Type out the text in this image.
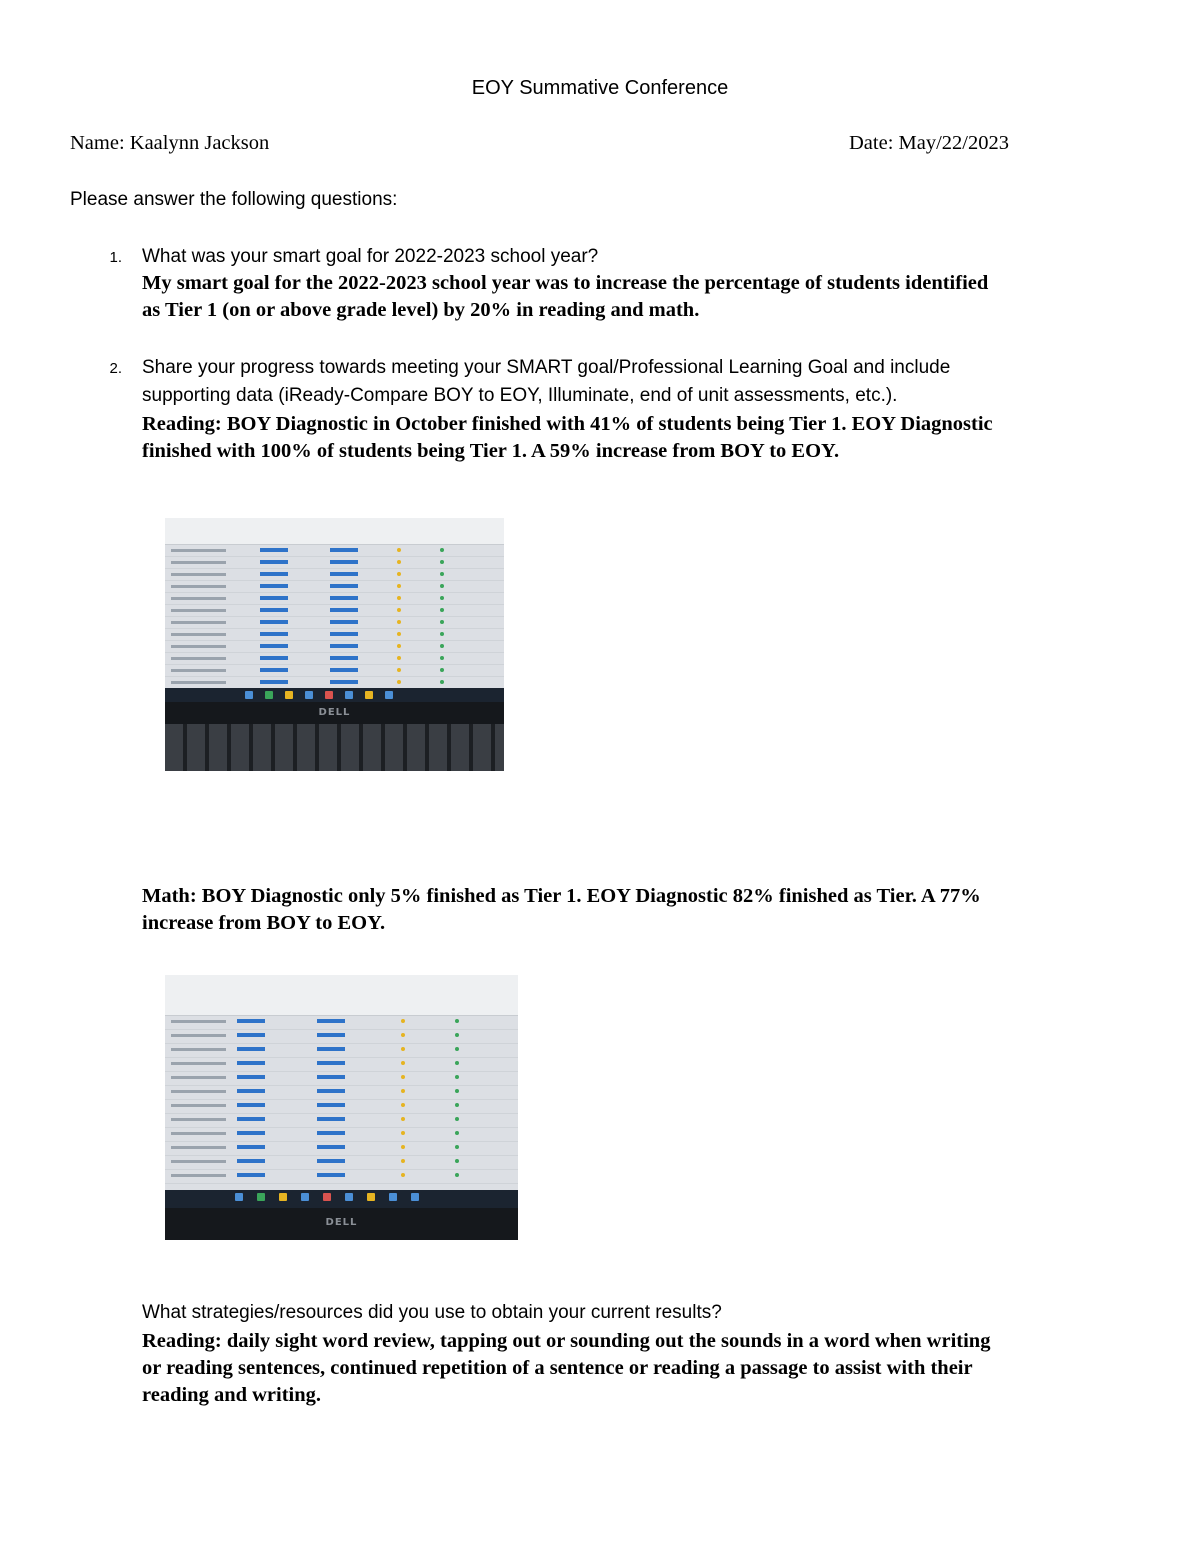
EOY Summative Conference
Name: Kaalynn Jackson	Date: May/22/2023
Please answer the following questions:
1. What was your smart goal for 2022-2023 school year?
My smart goal for the 2022-2023 school year was to increase the percentage of students identified
as Tier 1 (on or above grade level) by 20% in reading and math.
2. Share your progress towards meeting your SMART goal/Professional Learning Goal and include
supporting data (iReady-Compare BOY to EOY, Illuminate, end of unit assessments, etc.).
Reading: BOY Diagnostic in October finished with 41% of students being Tier 1. EOY Diagnostic
finished with 100% of students being Tier 1. A 59% increase from BOY to EOY.
DELL
Math: BOY Diagnostic only 5% finished as Tier 1. EOY Diagnostic 82% finished as Tier. A 77%
increase from BOY to EOY.
DELL
What strategies/resources did you use to obtain your current results?
Reading: daily sight word review, tapping out or sounding out the sounds in a word when writing
or reading sentences, continued repetition of a sentence or reading a passage to assist with their
reading and writing.
